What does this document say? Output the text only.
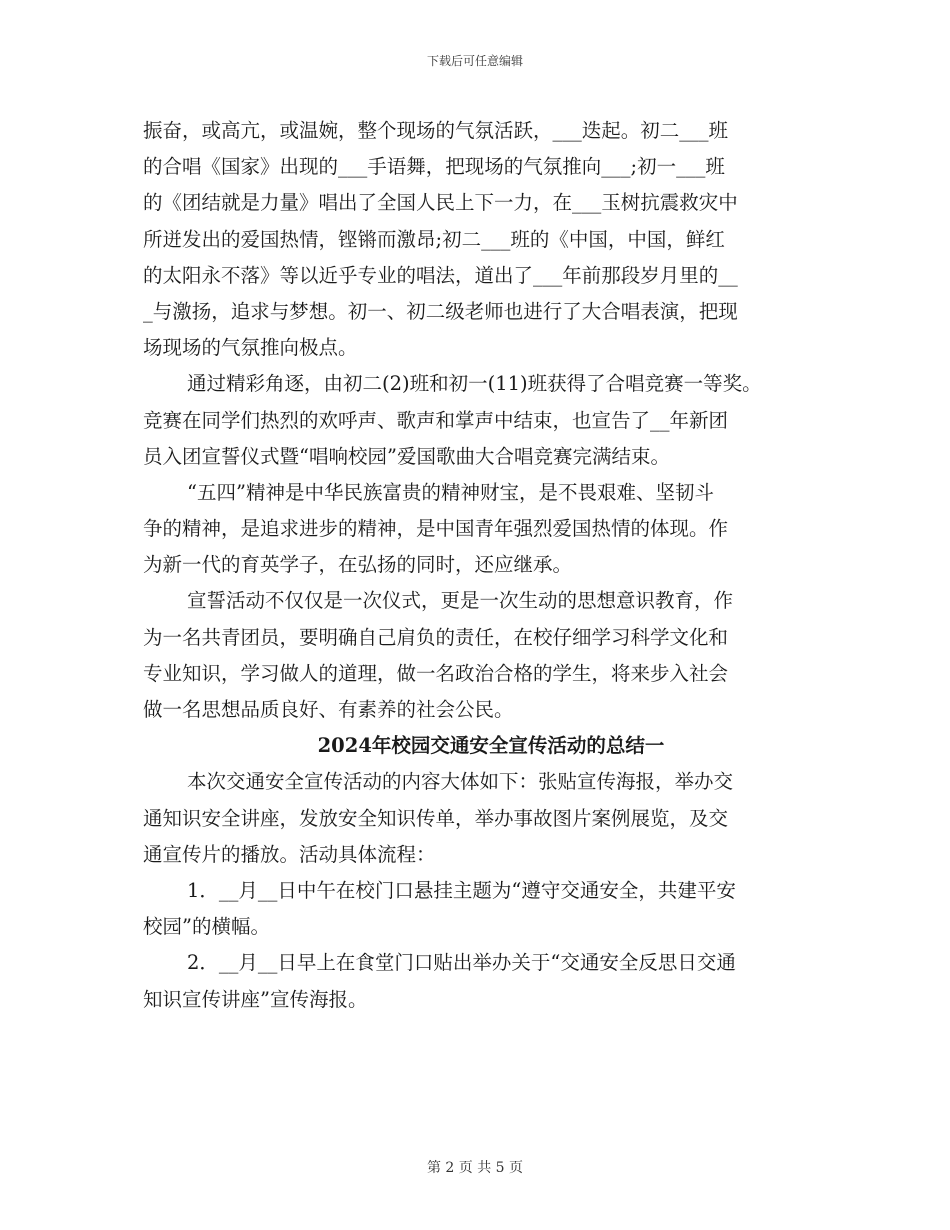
下载后可任意编辑
振奋，或高亢，或温婉，整个现场的气氛活跃，___迭起。初二___班
的合唱《国家》出现的___手语舞，把现场的气氛推向___;初一___班
的《团结就是力量》唱出了全国人民上下一力，在___玉树抗震救灾中
所迸发出的爱国热情，铿锵而激昂;初二___班的《中国，中国，鲜红
的太阳永不落》等以近乎专业的唱法，道出了___年前那段岁月里的__
_与激扬，追求与梦想。初一、初二级老师也进行了大合唱表演，把现
场现场的气氛推向极点。
通过精彩角逐，由初二(2)班和初一(11)班获得了合唱竞赛一等奖。
竞赛在同学们热烈的欢呼声、歌声和掌声中结束，也宣告了__年新团
员入团宣誓仪式暨“唱响校园”爱国歌曲大合唱竞赛完满结束。
“五四”精神是中华民族富贵的精神财宝，是不畏艰难、坚韧斗
争的精神，是追求进步的精神，是中国青年强烈爱国热情的体现。作
为新一代的育英学子，在弘扬的同时，还应继承。
宣誓活动不仅仅是一次仪式，更是一次生动的思想意识教育，作
为一名共青团员，要明确自己肩负的责任，在校仔细学习科学文化和
专业知识，学习做人的道理，做一名政治合格的学生，将来步入社会
做一名思想品质良好、有素养的社会公民。
2024年校园交通安全宣传活动的总结一
本次交通安全宣传活动的内容大体如下：张贴宣传海报，举办交
通知识安全讲座，发放安全知识传单，举办事故图片案例展览，及交
通宣传片的播放。活动具体流程：
1．__月__日中午在校门口悬挂主题为“遵守交通安全，共建平安
校园”的横幅。
2．__月__日早上在食堂门口贴出举办关于“交通安全反思日交通
知识宣传讲座”宣传海报。
第 2 页 共 5 页
